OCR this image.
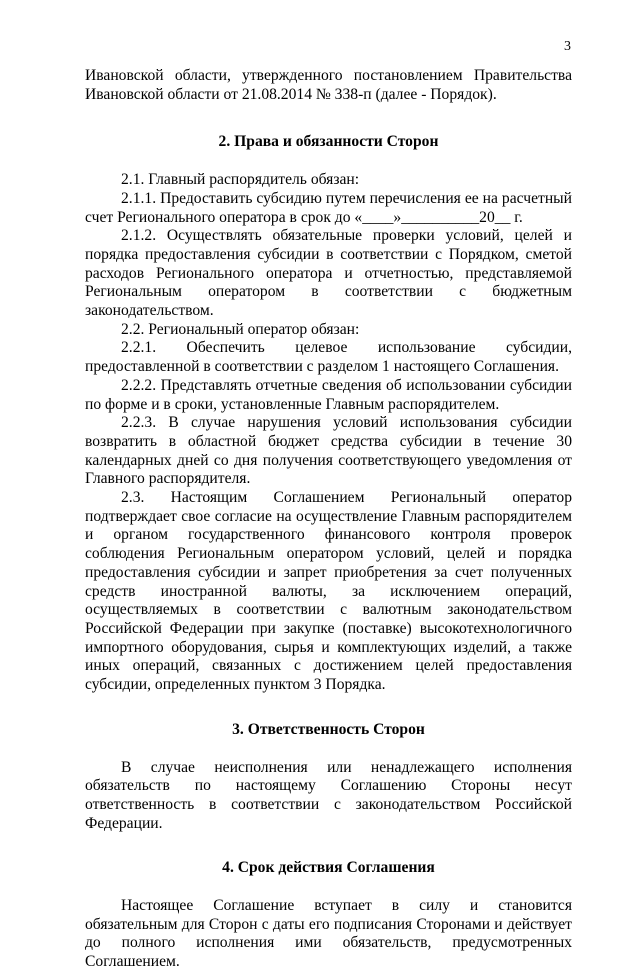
3

Ивановской области, утвержденного постановлением Правительства Ивановской области от 21.08.2014 № 338-п (далее - Порядок).

2. Права и обязанности Сторон

2.1. Главный распорядитель обязан:

2.1.1. Предоставить субсидию путем перечисления ее на расчетный счет Регионального оператора в срок до «____»__________20__ г.

2.1.2. Осуществлять обязательные проверки условий, целей и порядка предоставления субсидии в соответствии с Порядком, сметой расходов Регионального оператора и отчетностью, представляемой Региональным оператором в соответствии с бюджетным законодательством.

2.2. Региональный оператор обязан:

2.2.1. Обеспечить целевое использование субсидии, предоставленной в соответствии с разделом 1 настоящего Соглашения.

2.2.2. Представлять отчетные сведения об использовании субсидии по форме и в сроки, установленные Главным распорядителем.

2.2.3. В случае нарушения условий использования субсидии возвратить в областной бюджет средства субсидии в течение 30 календарных дней со дня получения соответствующего уведомления от Главного распорядителя.

2.3. Настоящим Соглашением Региональный оператор подтверждает свое согласие на осуществление Главным распорядителем и органом государственного финансового контроля проверок соблюдения Региональным оператором условий, целей и порядка предоставления субсидии и запрет приобретения за счет полученных средств иностранной валюты, за исключением операций, осуществляемых в соответствии с валютным законодательством Российской Федерации при закупке (поставке) высокотехнологичного импортного оборудования, сырья и комплектующих изделий, а также иных операций, связанных с достижением целей предоставления субсидии, определенных пунктом 3 Порядка.

3. Ответственность Сторон

В случае неисполнения или ненадлежащего исполнения обязательств по настоящему Соглашению Стороны несут ответственность в соответствии с законодательством Российской Федерации.

4. Срок действия Соглашения

Настоящее Соглашение вступает в силу и становится обязательным для Сторон с даты его подписания Сторонами и действует до полного исполнения ими обязательств, предусмотренных Соглашением.
